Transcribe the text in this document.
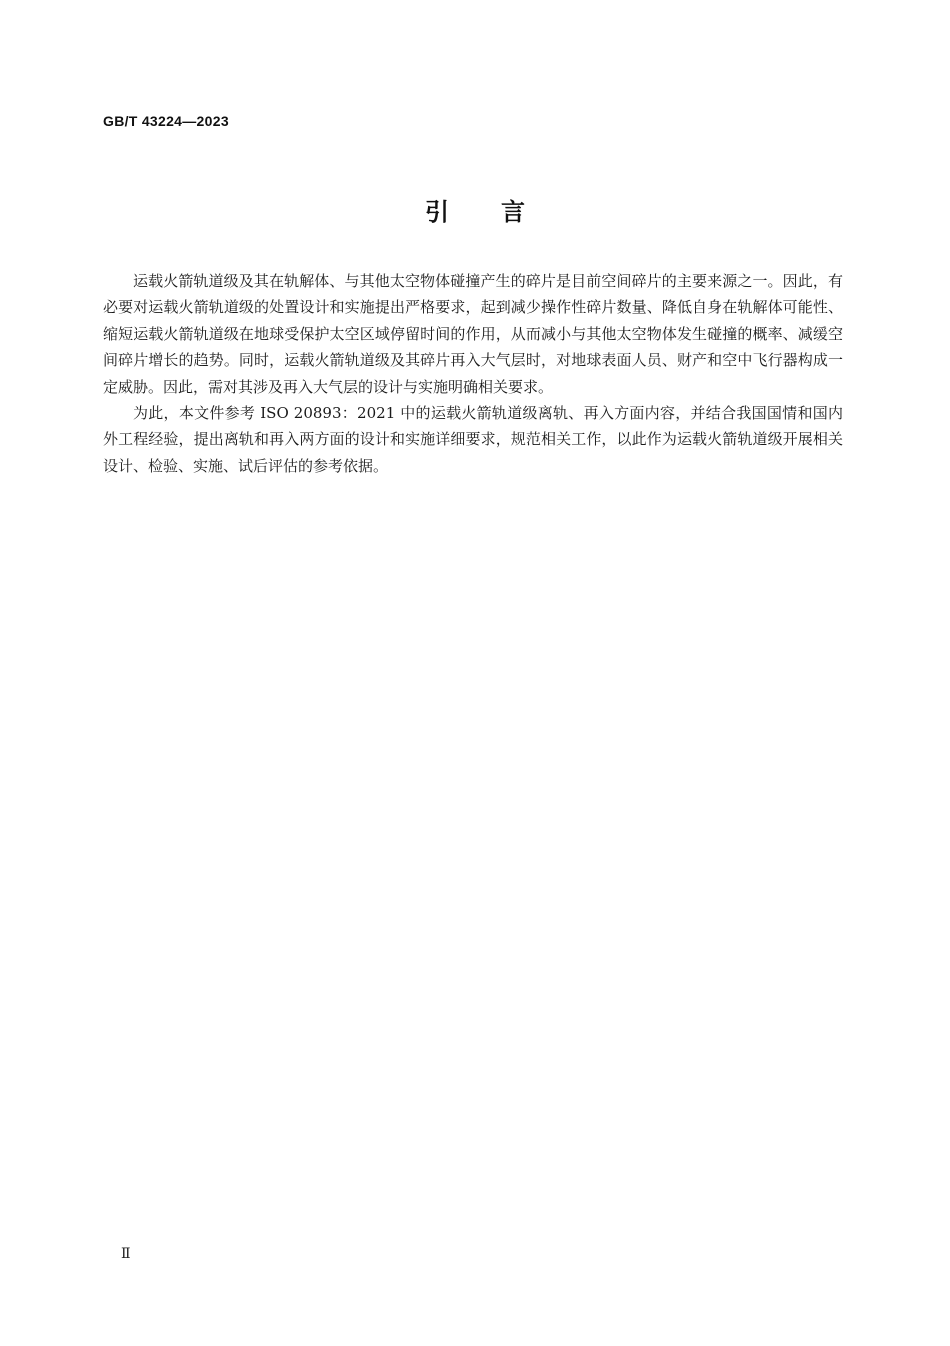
GB/T 43224—2023
引言

运载火箭轨道级及其在轨解体、与其他太空物体碰撞产生的碎片是目前空间碎片的主要来源之一。因此，有必要对运载火箭轨道级的处置设计和实施提出严格要求，起到减少操作性碎片数量、降低自身在轨解体可能性、缩短运载火箭轨道级在地球受保护太空区域停留时间的作用，从而减小与其他太空物体发生碰撞的概率、减缓空间碎片增长的趋势。同时，运载火箭轨道级及其碎片再入大气层时，对地球表面人员、财产和空中飞行器构成一定威胁。因此，需对其涉及再入大气层的设计与实施明确相关要求。

为此，本文件参考 ISO 20893：2021 中的运载火箭轨道级离轨、再入方面内容，并结合我国国情和国内外工程经验，提出离轨和再入两方面的设计和实施详细要求，规范相关工作，以此作为运载火箭轨道级开展相关设计、检验、实施、试后评估的参考依据。

Ⅱ
